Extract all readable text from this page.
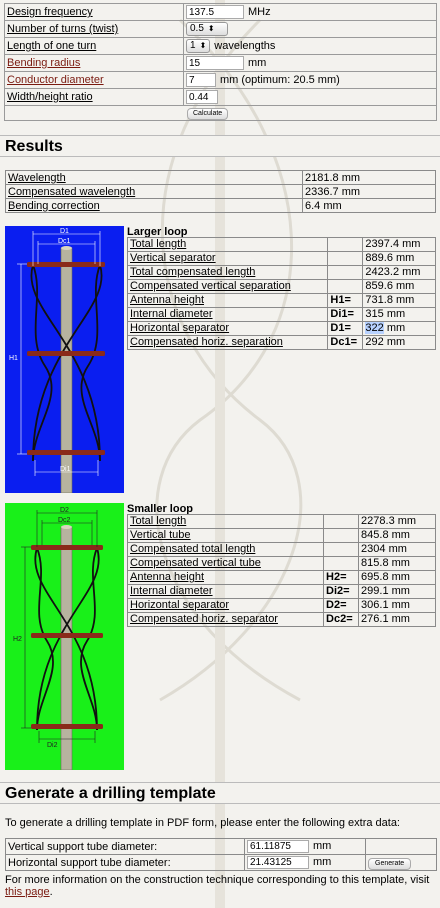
Design frequency	137.5MHz
Number of turns (twist)	0.5 ⬍
Length of one turn	1 ⬍ wavelengths
Bending radius	15mm
Conductor diameter	7mm (optimum: 20.5 mm)
Width/height ratio	0.44
Calculate	
Results
Wavelength	2181.8 mm
Compensated wavelength	2336.7 mm
Bending correction	6.4 mm
D1
Dc1
H1
Di1
Larger loop
Total length		2397.4 mm
Vertical separator		889.6 mm
Total compensated length		2423.2 mm
Compensated vertical separation		859.6 mm
Antenna height	H1=	731.8 mm
Internal diameter	Di1=	315 mm
Horizontal separator	D1=	322 mm
Compensated horiz. separation	Dc1=	292 mm
D2
Dc2
H2
Di2
Smaller loop
Total length		2278.3 mm
Vertical tube		845.8 mm
Compensated total length		2304 mm
Compensated vertical tube		815.8 mm
Antenna height	H2=	695.8 mm
Internal diameter	Di2=	299.1 mm
Horizontal separator	D2=	306.1 mm
Compensated horiz. separator	Dc2=	276.1 mm
Generate a drilling template
To generate a drilling template in PDF form, please enter the following extra data:
Vertical support tube diameter:	61.11875mm	
Horizontal support tube diameter:	21.43125mm	Generate
For more information on the construction technique corresponding to this template, visit this page.
